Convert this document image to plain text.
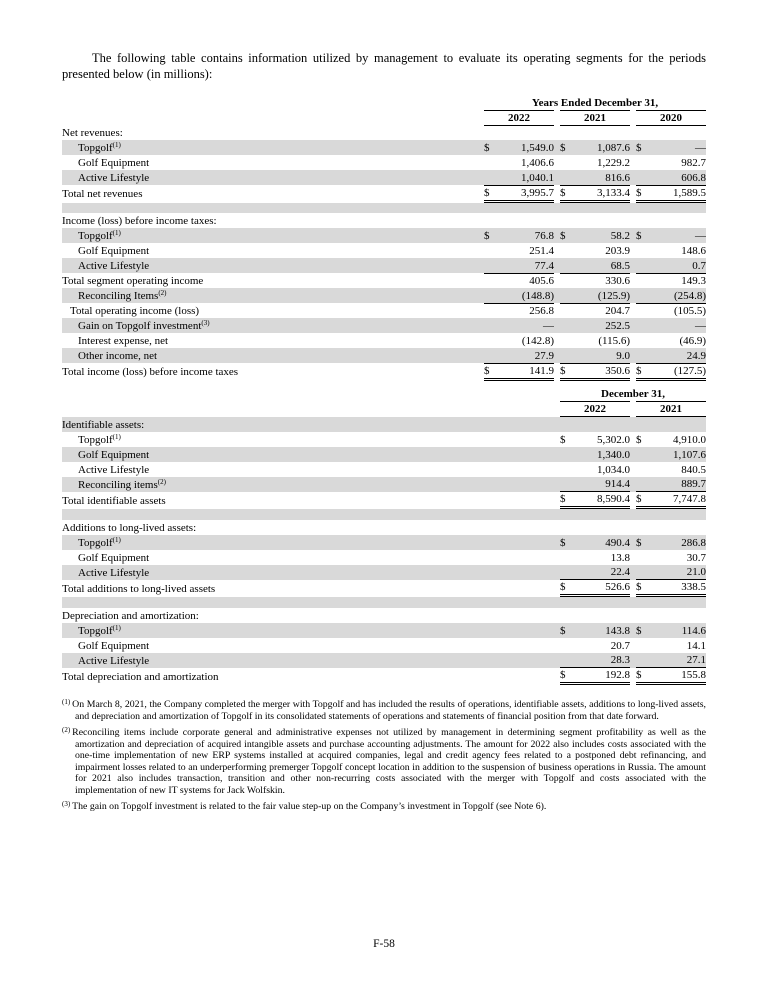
The following table contains information utilized by management to evaluate its operating segments for the periods presented below (in millions):

	Years Ended December 31,							
	2022			2021			2020	
Net revenues:								
Topgolf$^{(1)}$	$	1,549.0		$	1,087.6		$	—
Golf Equipment		1,406.6			1,229.2			982.7
Active Lifestyle		1,040.1			816.6			606.8
Total net revenues	$	3,995.7		$	3,133.4		$	1,589.5

Income (loss) before income taxes:								
Topgolf$^{(1)}$	$	76.8		$	58.2		$	—
Golf Equipment		251.4			203.9			148.6
Active Lifestyle		77.4			68.5			0.7
Total segment operating income		405.6			330.6			149.3
Reconciling Items$^{(2)}$		(148.8)			(125.9)			(254.8)
Total operating income (loss)		256.8			204.7			(105.5)
Gain on Topgolf investment$^{(3)}$		—			252.5			—
Interest expense, net		(142.8)			(115.6)			(46.9)
Other income, net		27.9			9.0			24.9
Total income (loss) before income taxes	$	141.9		$	350.6		$	(127.5)
	December 31,				
	2022			2021	
Identifiable assets:					
Topgolf$^{(1)}$	$	5,302.0		$	4,910.0
Golf Equipment		1,340.0			1,107.6
Active Lifestyle		1,034.0			840.5
Reconciling items$^{(2)}$		914.4			889.7
Total identifiable assets	$	8,590.4		$	7,747.8

Additions to long-lived assets:					
Topgolf$^{(1)}$	$	490.4		$	286.8
Golf Equipment		13.8			30.7
Active Lifestyle		22.4			21.0
Total additions to long-lived assets	$	526.6		$	338.5

Depreciation and amortization:					
Topgolf$^{(1)}$	$	143.8		$	114.6
Golf Equipment		20.7			14.1
Active Lifestyle		28.3			27.1
Total depreciation and amortization	$	192.8		$	155.8
$^{(1)}$ On March 8, 2021, the Company completed the merger with Topgolf and has included the results of operations, identifiable assets, additions to long-lived assets, and depreciation and amortization of Topgolf in its consolidated statements of operations and statements of financial position from that date forward.
$^{(2)}$ Reconciling items include corporate general and administrative expenses not utilized by management in determining segment profitability as well as the amortization and depreciation of acquired intangible assets and purchase accounting adjustments. The amount for 2022 also includes costs associated with the one-time implementation of new ERP systems installed at acquired companies, legal and credit agency fees related to a postponed debt refinancing, and impairment losses related to an underperforming premerger Topgolf concept location in addition to the suspension of business operations in Russia. The amount for 2021 also includes transaction, transition and other non-recurring costs associated with the merger with Topgolf and costs associated with the implementation of new IT systems for Jack Wolfskin.
$^{(3)}$ The gain on Topgolf investment is related to the fair value step-up on the Company’s investment in Topgolf (see Note 6).
F-58
